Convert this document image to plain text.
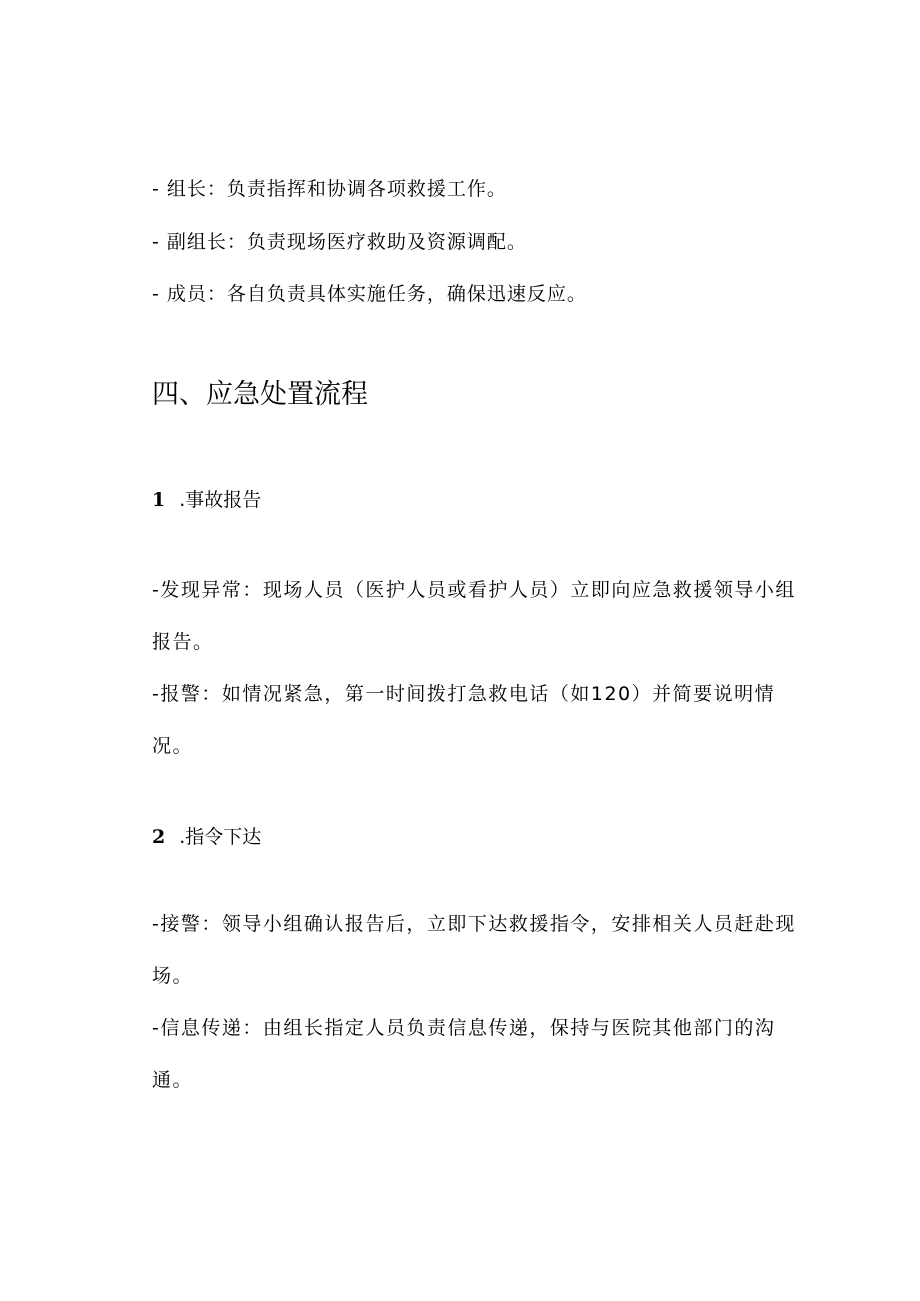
- 组长：负责指挥和协调各项救援工作。
- 副组长：负责现场医疗救助及资源调配。
- 成员：各自负责具体实施任务，确保迅速反应。
四、应急处置流程
1 .事故报告
-发现异常：现场人员（医护人员或看护人员）立即向应急救援领导小组报告。
-报警：如情况紧急，第一时间拨打急救电话（如120）并简要说明情况。
2 .指令下达
-接警：领导小组确认报告后，立即下达救援指令，安排相关人员赶赴现场。
-信息传递：由组长指定人员负责信息传递，保持与医院其他部门的沟通。
